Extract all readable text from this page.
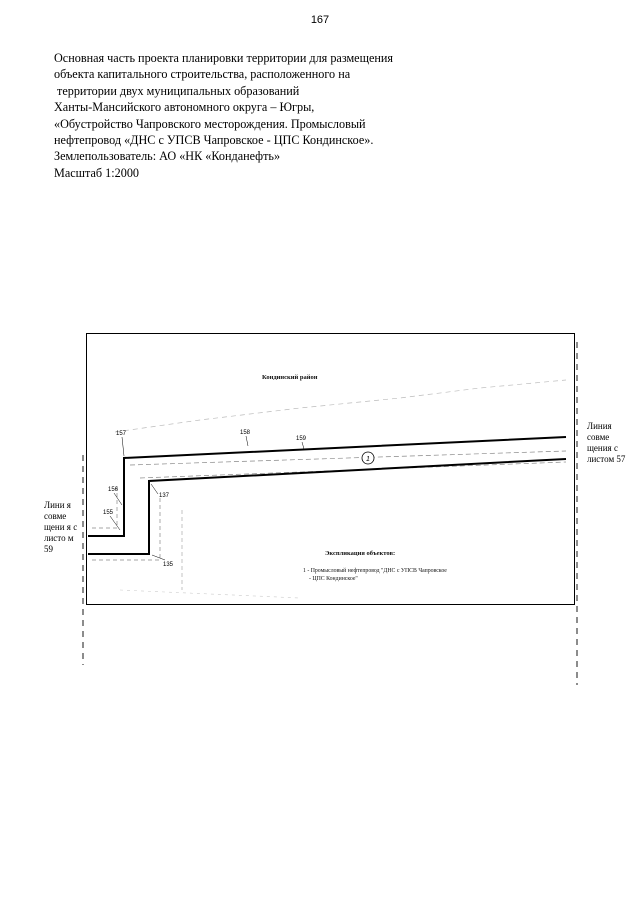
167
Основная часть проекта планировки территории для размещения
объекта капитального строительства, расположенного на
территории двух муниципальных образований
Ханты-Мансийского автономного округа – Югры,
«Обустройство Чапровского месторождения. Промысловый
нефтепровод «ДНС с УПСВ Чапровское - ЦПС Кондинское».
Землепользователь: АО «НК «Конданефть»
Масштаб 1:2000
1
157	158
159
156
137
155
135
Кондинский район
Экспликация объектов:
1 - Промысловый нефтепровод "ДНС с УПСВ Чапровское
- ЦПС Кондинское"
Линия совме щения с листом 57
Лини я совме щени я с листо м 59
